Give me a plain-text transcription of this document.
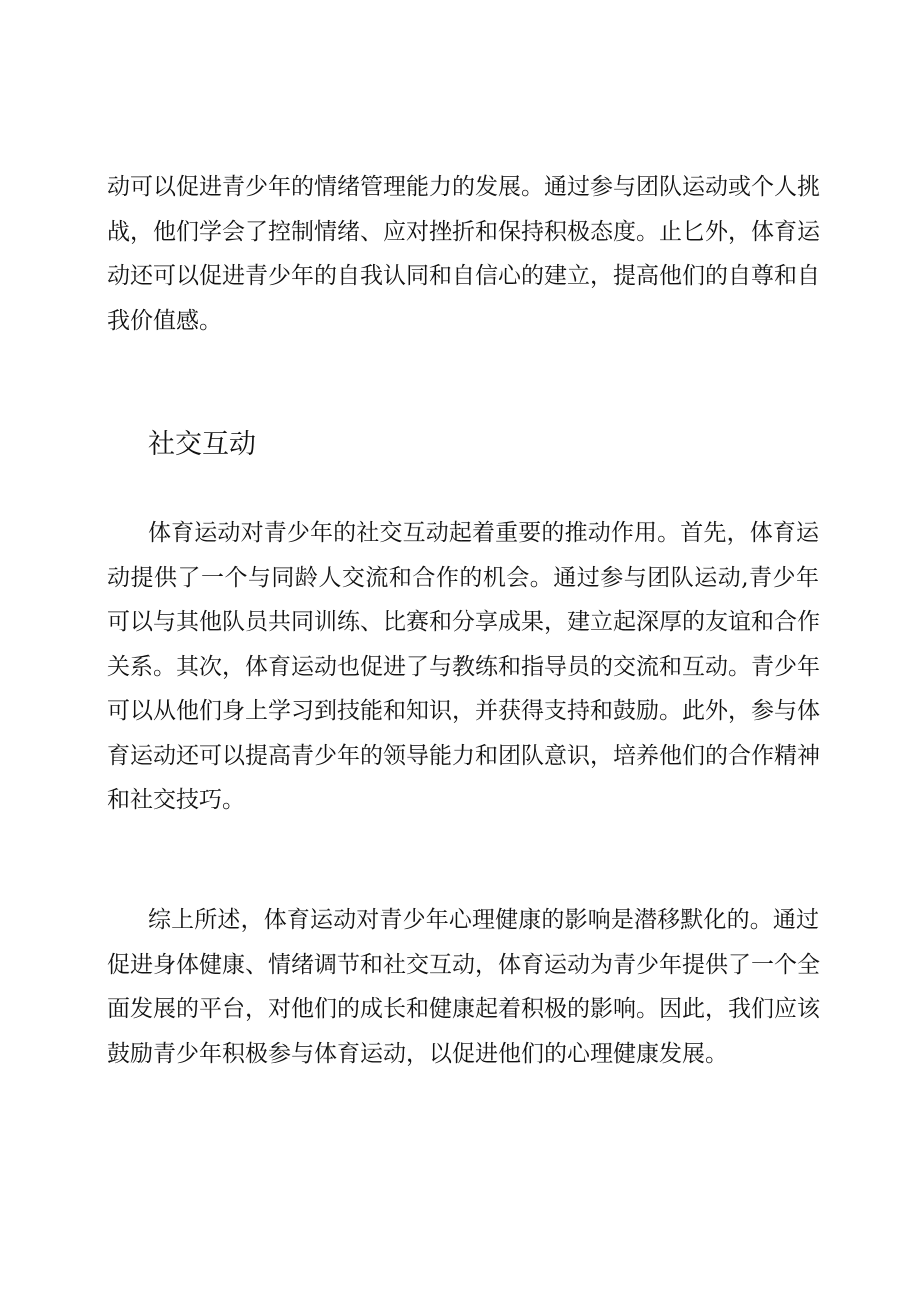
动可以促进青少年的情绪管理能力的发展。通过参与团队运动或个人挑
战，他们学会了控制情绪、应对挫折和保持积极态度。止匕外，体育运
动还可以促进青少年的自我认同和自信心的建立，提高他们的自尊和自
我价值感。
社交互动
体育运动对青少年的社交互动起着重要的推动作用。首先，体育运
动提供了一个与同龄人交流和合作的机会。通过参与团队运动,青少年
可以与其他队员共同训练、比赛和分享成果，建立起深厚的友谊和合作
关系。其次，体育运动也促进了与教练和指导员的交流和互动。青少年
可以从他们身上学习到技能和知识，并获得支持和鼓励。此外，参与体
育运动还可以提高青少年的领导能力和团队意识，培养他们的合作精神
和社交技巧。
综上所述，体育运动对青少年心理健康的影响是潜移默化的。通过
促进身体健康、情绪调节和社交互动，体育运动为青少年提供了一个全
面发展的平台，对他们的成长和健康起着积极的影响。因此，我们应该
鼓励青少年积极参与体育运动，以促进他们的心理健康发展。
